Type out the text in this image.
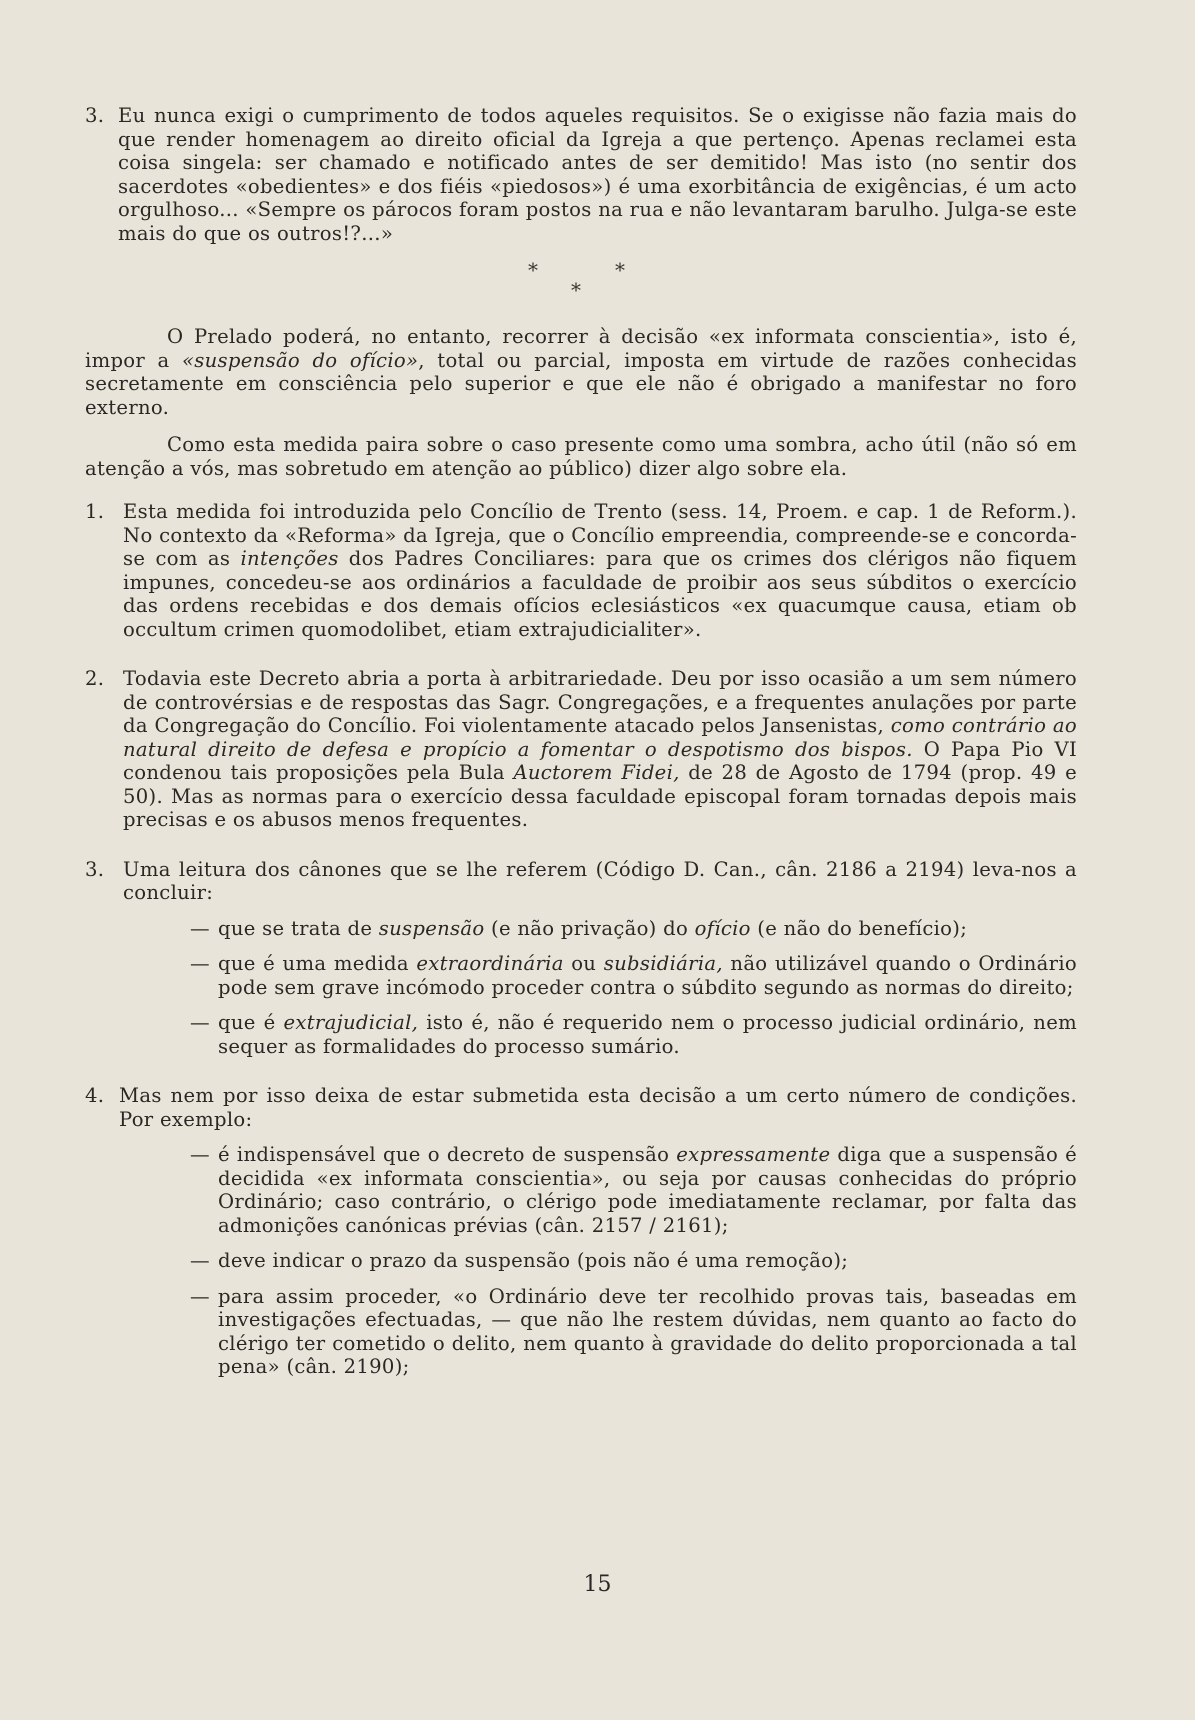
3. Eu nunca exigi o cumprimento de todos aqueles requisitos. Se o exigisse não fazia mais do que render homenagem ao direito oficial da Igreja a que pertenço. Apenas reclamei esta coisa singela: ser chamado e notificado antes de ser demitido! Mas isto (no sentir dos sacerdotes «obedientes» e dos fiéis «piedosos») é uma exorbitância de exigências, é um acto orgulhoso... «Sempre os párocos foram postos na rua e não levantaram barulho. Julga-se este mais do que os outros!?...»

*	*
*

O Prelado poderá, no entanto, recorrer à decisão «ex informata conscientia», isto é, impor a «suspensão do ofício», total ou parcial, imposta em virtude de razões conhecidas secretamente em consciência pelo superior e que ele não é obrigado a manifestar no foro externo.

Como esta medida paira sobre o caso presente como uma sombra, acho útil (não só em atenção a vós, mas sobretudo em atenção ao público) dizer algo sobre ela.

1. Esta medida foi introduzida pelo Concílio de Trento (sess. 14, Proem. e cap. 1 de Reform.). No contexto da «Reforma» da Igreja, que o Concílio empreendia, compreende-se e concorda-se com as intenções dos Padres Conciliares: para que os crimes dos clérigos não fiquem impunes, concedeu-se aos ordinários a faculdade de proibir aos seus súbditos o exercício das ordens recebidas e dos demais ofícios eclesiásticos «ex quacumque causa, etiam ob occultum crimen quomodolibet, etiam extrajudicialiter».

2. Todavia este Decreto abria a porta à arbitrariedade. Deu por isso ocasião a um sem número de controvérsias e de respostas das Sagr. Congregações, e a frequentes anulações por parte da Congregação do Concílio. Foi violentamente atacado pelos Jansenistas, como contrário ao natural direito de defesa e propício a fomentar o despotismo dos bispos. O Papa Pio VI condenou tais proposições pela Bula Auctorem Fidei, de 28 de Agosto de 1794 (prop. 49 e 50). Mas as normas para o exercício dessa faculdade episcopal foram tornadas depois mais precisas e os abusos menos frequentes.

3. Uma leitura dos cânones que se lhe referem (Código D. Can., cân. 2186 a 2194) leva-nos a concluir:

— que se trata de suspensão (e não privação) do ofício (e não do benefício);

— que é uma medida extraordinária ou subsidiária, não utilizável quando o Ordinário pode sem grave incómodo proceder contra o súbdito segundo as normas do direito;

— que é extrajudicial, isto é, não é requerido nem o processo judicial ordinário, nem sequer as formalidades do processo sumário.

4. Mas nem por isso deixa de estar submetida esta decisão a um certo número de condições. Por exemplo:

— é indispensável que o decreto de suspensão expressamente diga que a suspensão é decidida «ex informata conscientia», ou seja por causas conhecidas do próprio Ordinário; caso contrário, o clérigo pode imediatamente reclamar, por falta das admonições canónicas prévias (cân. 2157 / 2161);

— deve indicar o prazo da suspensão (pois não é uma remoção);

— para assim proceder, «o Ordinário deve ter recolhido provas tais, baseadas em investigações efectuadas, — que não lhe restem dúvidas, nem quanto ao facto do clérigo ter cometido o delito, nem quanto à gravidade do delito proporcionada a tal pena» (cân. 2190);

15
